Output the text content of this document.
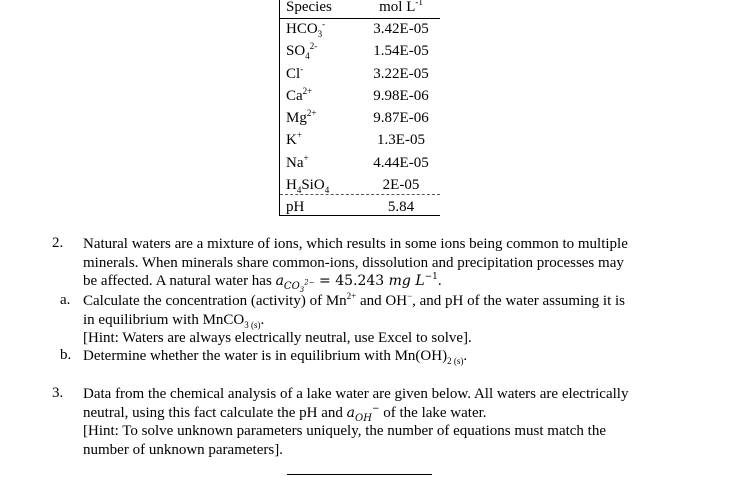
Species	mol $L^{-1}$
$HCO_3^-$	3.42E-05
$SO_4^{2-}$	1.54E-05
Cl-	3.22E-05
$Ca^{2+}$	9.98E-06
$Mg^{2+}$	9.87E-06
K+	1.3E-05
Na+	4.44E-05
$H_4SiO_4$	2E-05
pH	5.84
2. Natural waters are a mixture of ions, which results in some ions being common to multiple
minerals. When minerals share common-ions, dissolution and precipitation processes may
be affected. A natural water has $a_{CO_3^{2-}} = 45.243$ mg $L^{-1}$.
a. Calculate the concentration (activity) of $Mn^{2+}$ and OH−, and pH of the water assuming it is
in equilibrium with MnCO$_{3 (s)}$.
[Hint: Waters are always electrically neutral, use Excel to solve].
b. Determine whether the water is in equilibrium with $Mn(OH)_{2 (s)}$.
3. Data from the chemical analysis of a lake water are given below. All waters are electrically
neutral, using this fact calculate the pH and $a_{OH}^-$ of the lake water.
[Hint: To solve unknown parameters uniquely, the number of equations must match the
number of unknown parameters].
